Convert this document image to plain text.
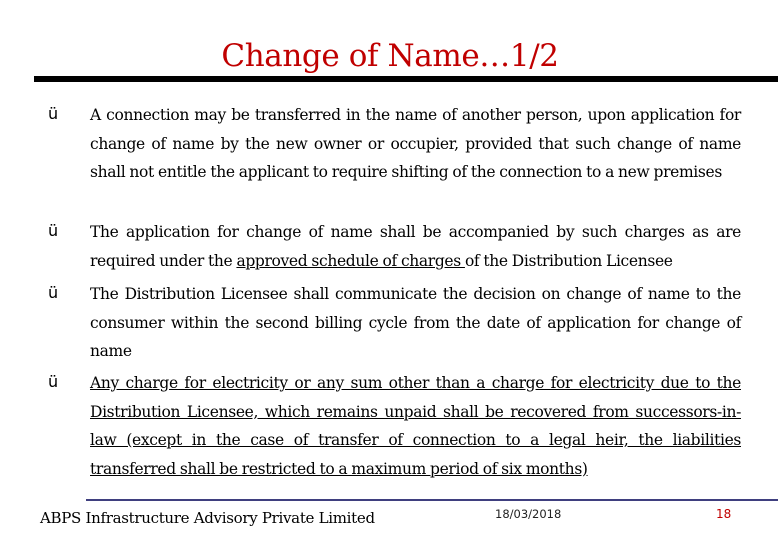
Change of Name…1/2
ü A connection may be transferred in the name of another person, upon application for change of name by the new owner or occupier, provided that such change of name shall not entitle the applicant to require shifting of the connection to a new premises
ü The application for change of name shall be accompanied by such charges as are required under the approved schedule of charges of the Distribution Licensee
ü The Distribution Licensee shall communicate the decision on change of name to the consumer within the second billing cycle from the date of application for change of name
ü Any charge for electricity or any sum other than a charge for electricity due to the Distribution Licensee, which remains unpaid shall be recovered from successors-in-law (except in the case of transfer of connection to a legal heir, the liabilities transferred shall be restricted to a maximum period of six months)
ABPS Infrastructure Advisory Private Limited	18/03/2018	18
